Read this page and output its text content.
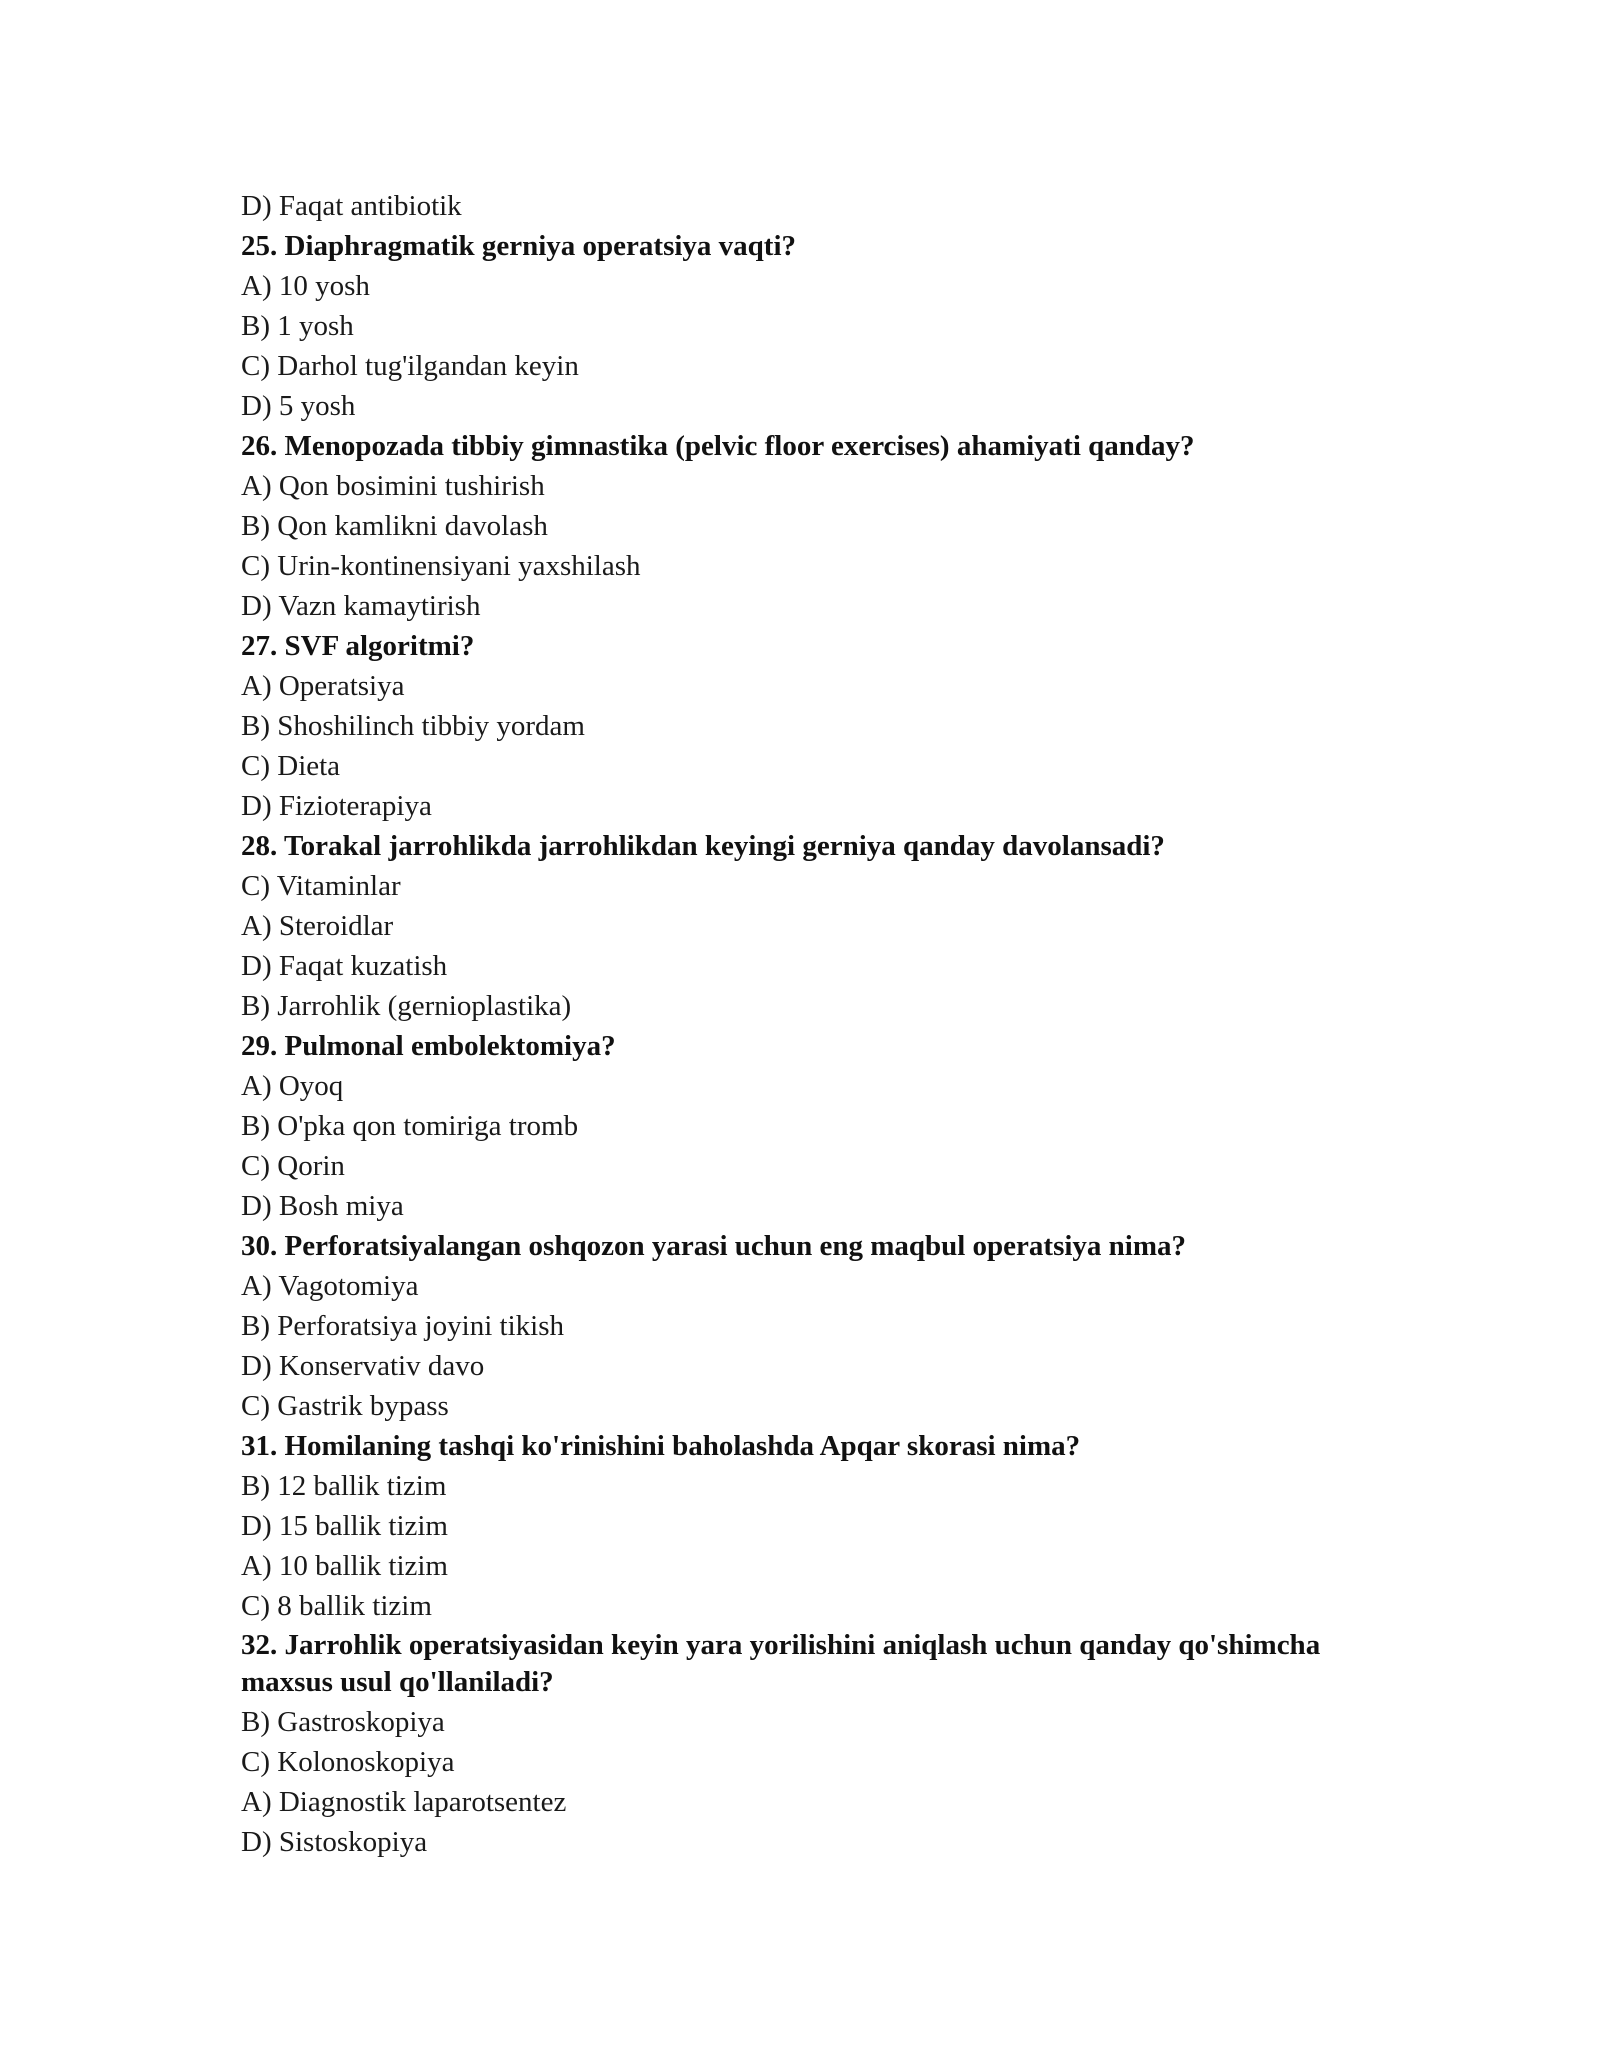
D) Faqat antibiotik
25. Diaphragmatik gerniya operatsiya vaqti?
A) 10 yosh
B) 1 yosh
C) Darhol tug'ilgandan keyin
D) 5 yosh
26. Menopozada tibbiy gimnastika (pelvic floor exercises) ahamiyati qanday?
A) Qon bosimini tushirish
B) Qon kamlikni davolash
C) Urin-kontinensiyani yaxshilash
D) Vazn kamaytirish
27. SVF algoritmi?
A) Operatsiya
B) Shoshilinch tibbiy yordam
C) Dieta
D) Fizioterapiya
28. Torakal jarrohlikda jarrohlikdan keyingi gerniya qanday davolansadi?
C) Vitaminlar
A) Steroidlar
D) Faqat kuzatish
B) Jarrohlik (gernioplastika)
29. Pulmonal embolektomiya?
A) Oyoq
B) O'pka qon tomiriga tromb
C) Qorin
D) Bosh miya
30. Perforatsiyalangan oshqozon yarasi uchun eng maqbul operatsiya nima?
A) Vagotomiya
B) Perforatsiya joyini tikish
D) Konservativ davo
C) Gastrik bypass
31. Homilaning tashqi ko'rinishini baholashda Apqar skorasi nima?
B) 12 ballik tizim
D) 15 ballik tizim
A) 10 ballik tizim
C) 8 ballik tizim
32. Jarrohlik operatsiyasidan keyin yara yorilishini aniqlash uchun qanday qo'shimcha
maxsus usul qo'llaniladi?
B) Gastroskopiya
C) Kolonoskopiya
A) Diagnostik laparotsentez
D) Sistoskopiya
